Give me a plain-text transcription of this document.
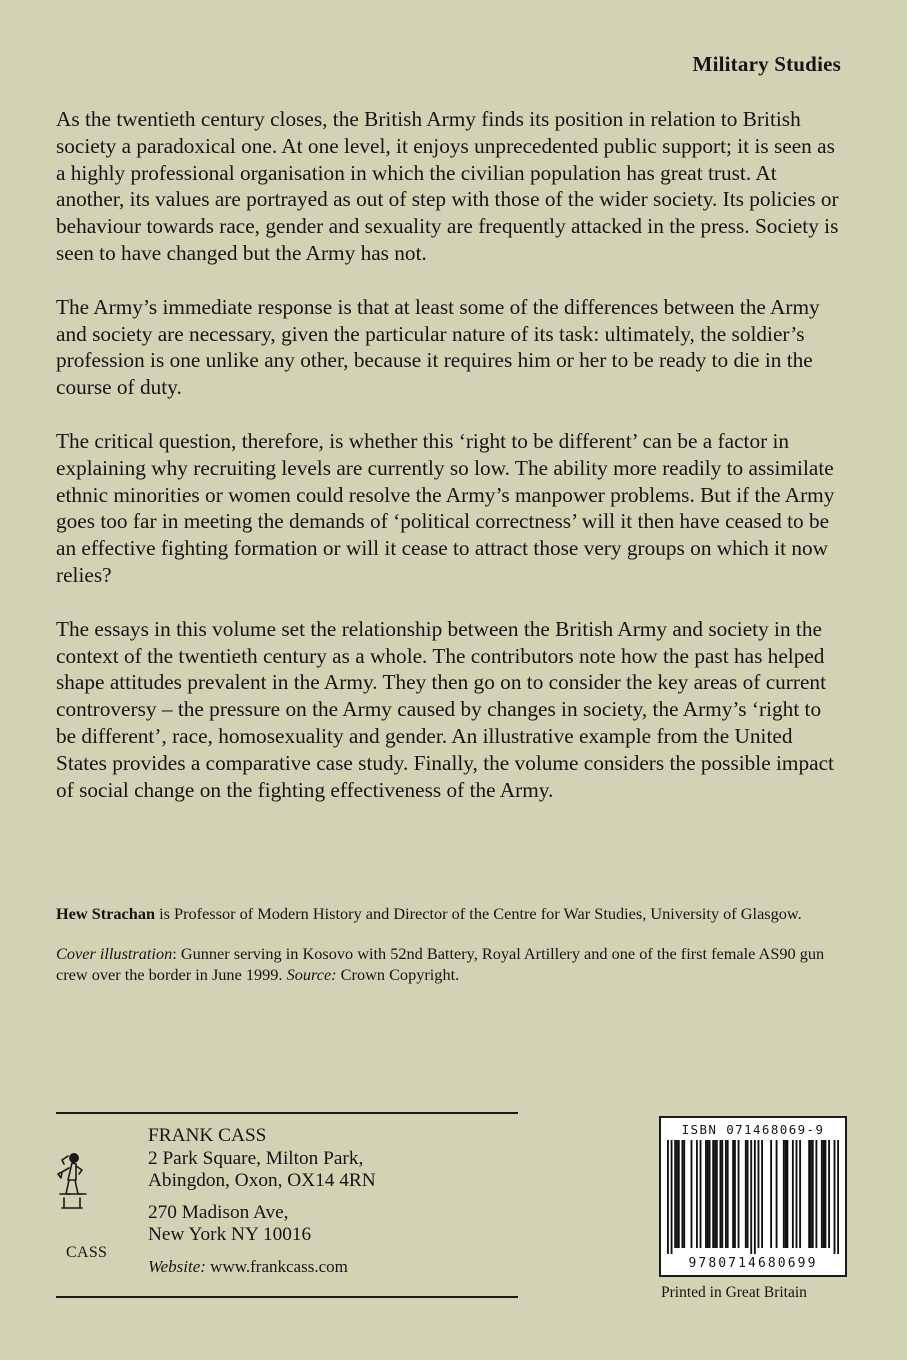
Military Studies

As the twentieth century closes, the British Army finds its position in relation to British society a paradoxical one. At one level, it enjoys unprecedented public support; it is seen as a highly professional organisation in which the civilian population has great trust. At another, its values are portrayed as out of step with those of the wider society. Its policies or behaviour towards race, gender and sexuality are frequently attacked in the press. Society is seen to have changed but the Army has not.

The Army’s immediate response is that at least some of the differences between the Army and society are necessary, given the particular nature of its task: ultimately, the soldier’s profession is one unlike any other, because it requires him or her to be ready to die in the course of duty.

The critical question, therefore, is whether this ‘right to be different’ can be a factor in explaining why recruiting levels are currently so low. The ability more readily to assimilate ethnic minorities or women could resolve the Army’s manpower problems. But if the Army goes too far in meeting the demands of ‘political correctness’ will it then have ceased to be an effective fighting formation or will it cease to attract those very groups on which it now relies?

The essays in this volume set the relationship between the British Army and society in the context of the twentieth century as a whole. The contributors note how the past has helped shape attitudes prevalent in the Army. They then go on to consider the key areas of current controversy – the pressure on the Army caused by changes in society, the Army’s ‘right to be different’, race, homosexuality and gender. An illustrative example from the United States provides a comparative case study. Finally, the volume considers the possible impact of social change on the fighting effectiveness of the Army.

Hew Strachan is Professor of Modern History and Director of the Centre for War Studies, University of Glasgow.

Cover illustration: Gunner serving in Kosovo with 52nd Battery, Royal Artillery and one of the first female AS90 gun crew over the border in June 1999. Source: Crown Copyright.

CASS
FRANK CASS
2 Park Square, Milton Park,
Abingdon, Oxon, OX14 4RN
270 Madison Ave,
New York NY 10016
Website: www.frankcass.com
ISBN 071468069-9
9780714680699
Printed in Great Britain
